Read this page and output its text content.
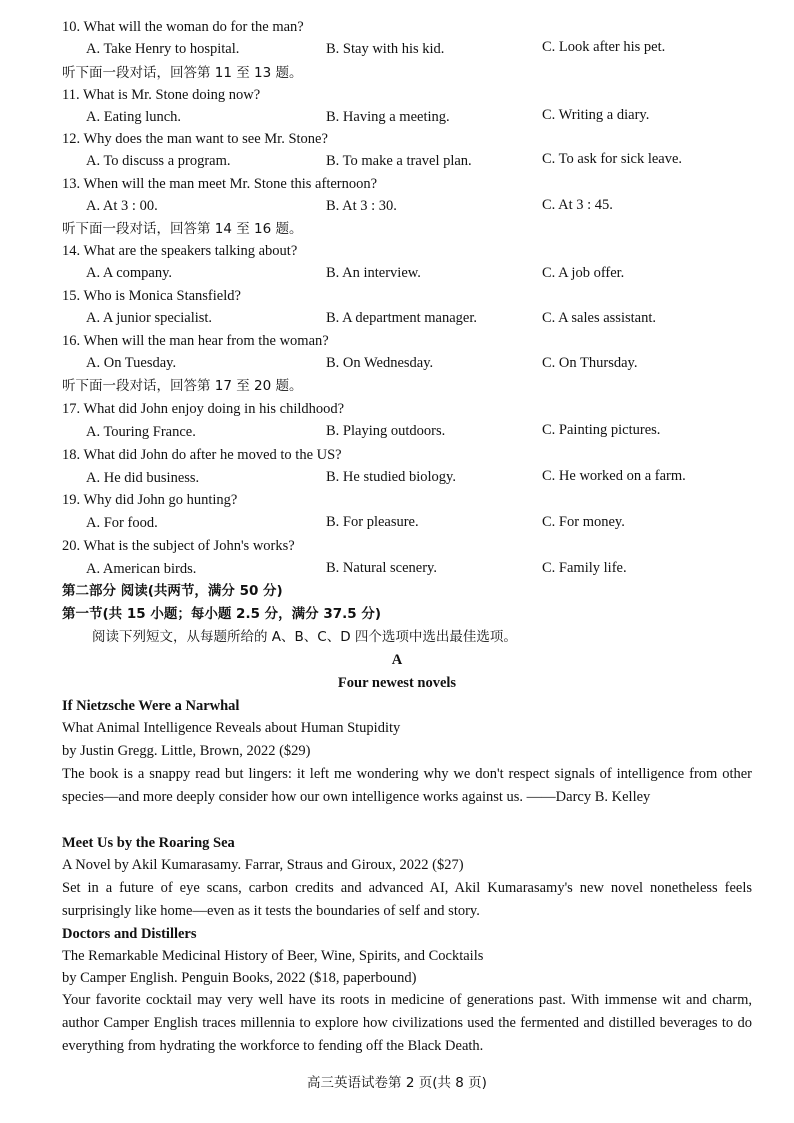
10. What will the woman do for the man?
A. Take Henry to hospital.	B. Stay with his kid.	C. Look after his pet.
听下面一段对话，回答第 11 至 13 题。
11. What is Mr. Stone doing now?
A. Eating lunch.	B. Having a meeting.	C. Writing a diary.
12. Why does the man want to see Mr. Stone?
A. To discuss a program.	B. To make a travel plan.	C. To ask for sick leave.
13. When will the man meet Mr. Stone this afternoon?
A. At 3 : 00.	B. At 3 : 30.	C. At 3 : 45.
听下面一段对话，回答第 14 至 16 题。
14. What are the speakers talking about?
A. A company.	B. An interview.	C. A job offer.
15. Who is Monica Stansfield?
A. A junior specialist.	B. A department manager.	C. A sales assistant.
16. When will the man hear from the woman?
A. On Tuesday.	B. On Wednesday.	C. On Thursday.
听下面一段对话，回答第 17 至 20 题。
17. What did John enjoy doing in his childhood?
A. Touring France.	B. Playing outdoors.	C. Painting pictures.
18. What did John do after he moved to the US?
A. He did business.	B. He studied biology.	C. He worked on a farm.
19. Why did John go hunting?
A. For food.	B. For pleasure.	C. For money.
20. What is the subject of John's works?
A. American birds.	B. Natural scenery.	C. Family life.
第二部分 阅读(共两节，满分 50 分)
第一节(共 15 小题；每小题 2.5 分，满分 37.5 分)
阅读下列短文，从每题所给的 A、B、C、D 四个选项中选出最佳选项。
A
Four newest novels
If Nietzsche Were a Narwhal
What Animal Intelligence Reveals about Human Stupidity
by Justin Gregg. Little, Brown, 2022 ($29)
The book is a snappy read but lingers: it left me wondering why we don't respect signals of intelligence from other species—and more deeply consider how our own intelligence works against us. ——Darcy B. Kelley
Meet Us by the Roaring Sea
A Novel by Akil Kumarasamy. Farrar, Straus and Giroux, 2022 ($27)
Set in a future of eye scans, carbon credits and advanced AI, Akil Kumarasamy's new novel nonetheless feels surprisingly like home—even as it tests the boundaries of self and story.
Doctors and Distillers
The Remarkable Medicinal History of Beer, Wine, Spirits, and Cocktails
by Camper English. Penguin Books, 2022 ($18, paperbound)
Your favorite cocktail may very well have its roots in medicine of generations past. With immense wit and charm, author Camper English traces millennia to explore how civilizations used the fermented and distilled beverages to do everything from hydrating the workforce to fending off the Black Death.
高三英语试卷第 2 页(共 8 页)
